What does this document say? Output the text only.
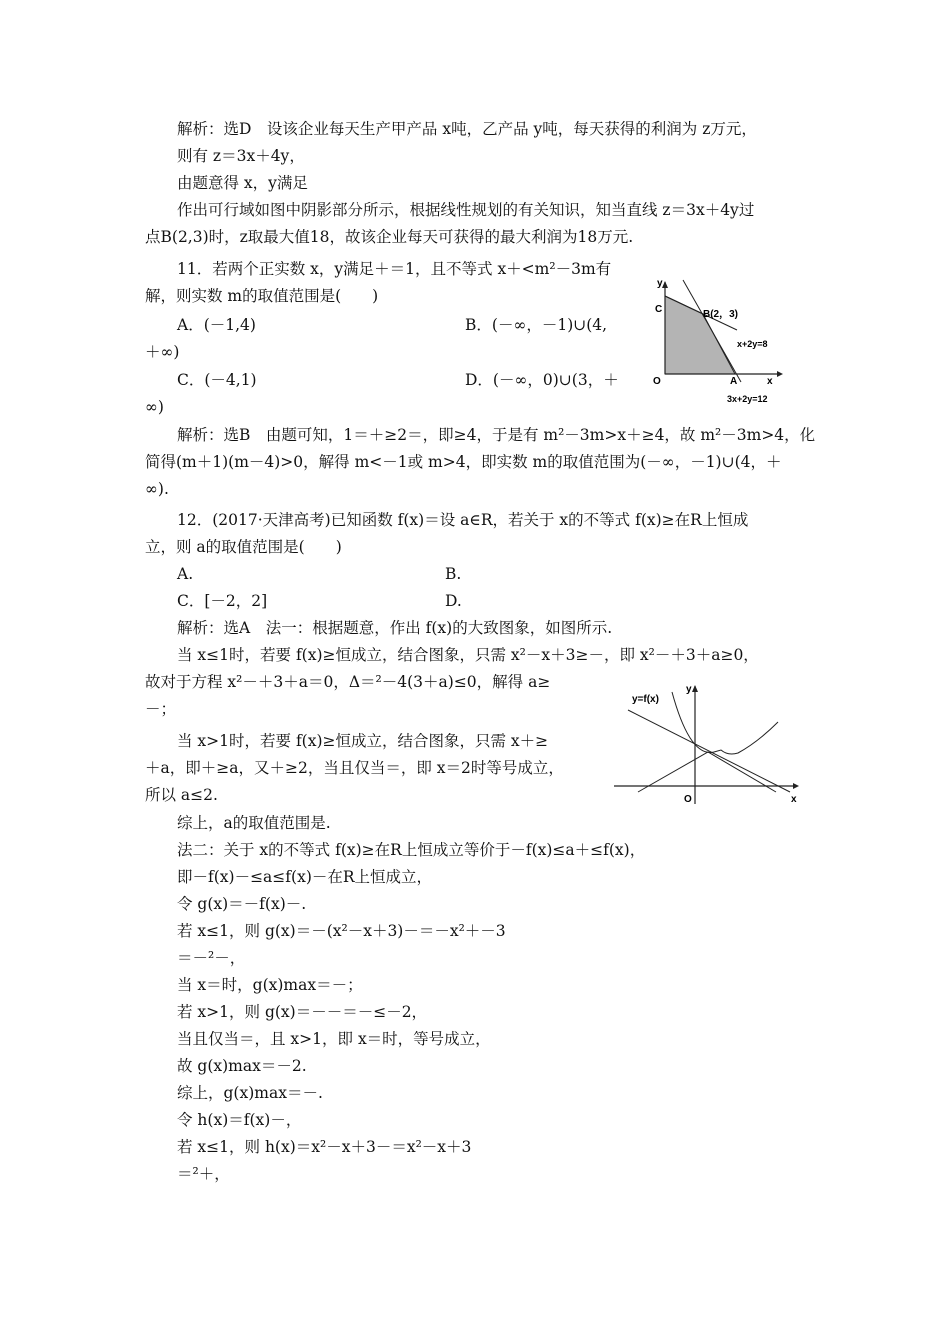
解析：选D　设该企业每天生产甲产品 x吨，乙产品 y吨，每天获得的利润为 z万元，
则有 z＝3x＋4y，
由题意得 x，y满足
作出可行域如图中阴影部分所示，根据线性规划的有关知识，知当直线 z＝3x＋4y过
点B(2,3)时，z取最大值18，故该企业每天可获得的最大利润为18万元.
11．若两个正实数 x，y满足＋＝1，且不等式 x＋<m²－3m有
解，则实数 m的取值范围是(　　)
A．(－1,4)	B．(－∞，－1)∪(4,
＋∞)
C．(－4,1)	D．(－∞，0)∪(3，＋
∞)
解析：选B　由题可知，1＝＋≥2＝，即≥4，于是有 m²－3m>x＋≥4，故 m²－3m>4，化
简得(m＋1)(m－4)>0，解得 m<－1或 m>4，即实数 m的取值范围为(－∞，－1)∪(4，＋
∞).
12．(2017·天津高考)已知函数 f(x)＝设 a∈R，若关于 x的不等式 f(x)≥在R上恒成
立，则 a的取值范围是(　　)
A.	B.
C．[－2，2]	D.
解析：选A　法一：根据题意，作出 f(x)的大致图象，如图所示.
当 x≤1时，若要 f(x)≥恒成立，结合图象，只需 x²－x＋3≥－，即 x²－＋3＋a≥0，
故对于方程 x²－＋3＋a＝0，Δ＝²－4(3＋a)≤0，解得 a≥
－；
当 x>1时，若要 f(x)≥恒成立，结合图象，只需 x＋≥
＋a，即＋≥a，又＋≥2，当且仅当＝，即 x＝2时等号成立，
所以 a≤2.
综上，a的取值范围是.
法二：关于 x的不等式 f(x)≥在R上恒成立等价于－f(x)≤a＋≤f(x)，
即－f(x)－≤a≤f(x)－在R上恒成立，
令 g(x)＝－f(x)－.
若 x≤1，则 g(x)＝－(x²－x＋3)－＝－x²＋－3
＝－²－，
当 x＝时，g(x)max＝－；
若 x>1，则 g(x)＝－－＝－≤－2，
当且仅当＝，且 x>1，即 x＝时，等号成立，
故 g(x)max＝－2.
综上，g(x)max＝－.
令 h(x)＝f(x)－，
若 x≤1，则 h(x)＝x²－x＋3－＝x²－x＋3
＝²＋，
y
x
O
C	B(2，3)
A
x+2y=8
3x+2y=12
y=f(x)
y
x
O
